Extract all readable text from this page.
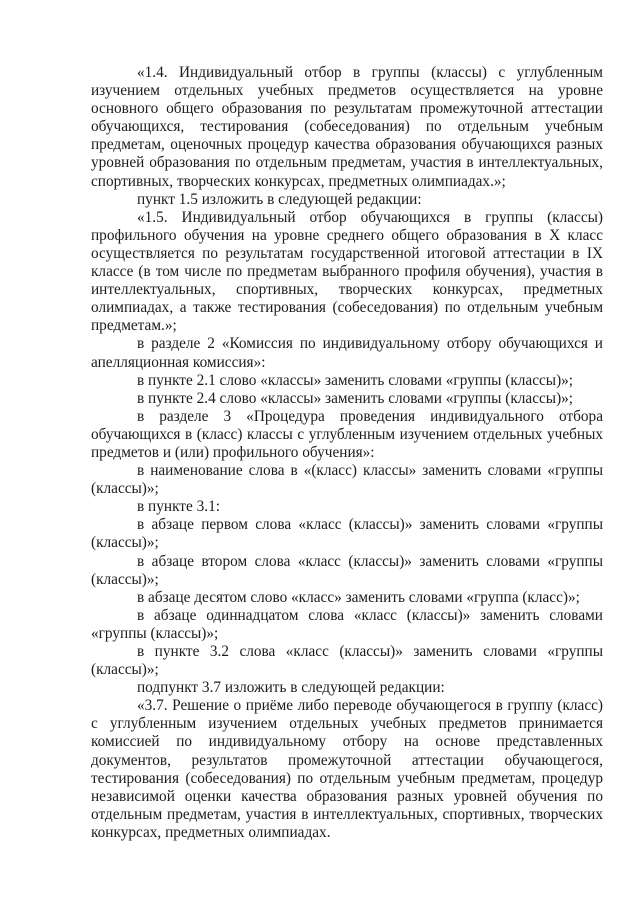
«1.4. Индивидуальный отбор в группы (классы) с углубленным изучением отдельных учебных предметов осуществляется на уровне основного общего образования по результатам промежуточной аттестации обучающихся, тестирования (собеседования) по отдельным учебным предметам, оценочных процедур качества образования обучающихся разных уровней образования по отдельным предметам, участия в интеллектуальных, спортивных, творческих конкурсах, предметных олимпиадах.»;

пункт 1.5 изложить в следующей редакции:

«1.5. Индивидуальный отбор обучающихся в группы (классы) профильного обучения на уровне среднего общего образования в X класс осуществляется по результатам государственной итоговой аттестации в IX классе (в том числе по предметам выбранного профиля обучения), участия в интеллектуальных, спортивных, творческих конкурсах, предметных олимпиадах, а также тестирования (собеседования) по отдельным учебным предметам.»;

в разделе 2 «Комиссия по индивидуальному отбору обучающихся и апелляционная комиссия»:

в пункте 2.1 слово «классы» заменить словами «группы (классы)»;

в пункте 2.4 слово «классы» заменить словами «группы (классы)»;

в разделе 3 «Процедура проведения индивидуального отбора обучающихся в (класс) классы с углубленным изучением отдельных учебных предметов и (или) профильного обучения»:

в наименование слова в «(класс) классы» заменить словами «группы (классы)»;

в пункте 3.1:

в абзаце первом слова «класс (классы)» заменить словами «группы (классы)»;

в абзаце втором слова «класс (классы)» заменить словами «группы (классы)»;

в абзаце десятом слово «класс» заменить словами «группа (класс)»;

в абзаце одиннадцатом слова «класс (классы)» заменить словами «группы (классы)»;

в пункте 3.2 слова «класс (классы)» заменить словами «группы (классы)»;

подпункт 3.7 изложить в следующей редакции:

«3.7. Решение о приёме либо переводе обучающегося в группу (класс) с углубленным изучением отдельных учебных предметов принимается комиссией по индивидуальному отбору на основе представленных документов, результатов промежуточной аттестации обучающегося, тестирования (собеседования) по отдельным учебным предметам, процедур независимой оценки качества образования разных уровней обучения по отдельным предметам, участия в интеллектуальных, спортивных, творческих конкурсах, предметных олимпиадах.
